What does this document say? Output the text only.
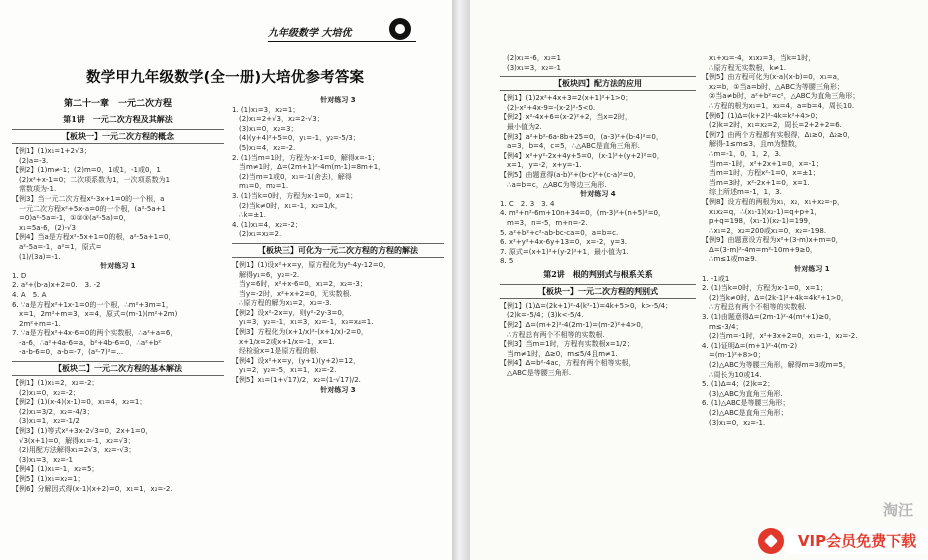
九年级数学 大培优
数学甲九年级数学(全一册)大培优参考答案
第二十一章　一元二次方程
第1讲　一元二次方程及其解法
【板块一】一元二次方程的概念
【例1】(1)x₁=1+2√3；
　(2)a=-3.
【例2】(1)m≠-1；(2)m=0，1或1，-1或0，1
　(2)x²+x-1=0；二次项系数为1，一次项系数为1
　常数项为-1.
【例3】当一元二次方程x²-3x+1=0的一个根，a
　一元二次方程x²+5x-a=0的一个根，(a²-5a+1
　=0)a²-5a=-1，①②③(a²-5a)=0，
　x₁=5a-6，(2)-√3
【例4】当a是方程x²-5x+1=0的根，a²-5a+1=0，
　a²-5a=-1，a²=1，原式=
　(1)/(3a)=-1.
针对练习 1
1. D
2. a²+(b-a)x+2=0.　3. -2
4. A　5. A
6. ∵a是方程x²+1x-1=0的一个根，∴m²+3m=1，
　x=1，2m²+m=3，x=4，原式=(m-1)(m²+2m)
　2m²+m=-1.
7. ∵a是方程x²+4x-6=0的两个实数根，∴a²+a=6，
　-a-6，∴a²+4a-6=a，b²+4b-6=0，∴a²+b²
　-a-b-6=0，a-b=-7，(a²-7)²=...
【板块二】一元二次方程的基本解法
【例1】(1)x₁=2，x₂=-2；
　(2)x₁=0，x₂=-2；
【例2】(1)(x-4)(x-1)=0，x₁=4，x₂=1；
　(2)x₁=3/2，x₂=-4/3；
　(3)x₁=1，x₂=-1/2
【例3】(1)等式x²+3x-2√3=0，2x+1=0，
　√3(x+1)=0，解得x₁=-1，x₂=√3；
　(2)用配方法解得x₁=2√3，x₂=-√3；
　(3)x₁=3，x₂=-1
【例4】(1)x₁=-1，x₂=5；
【例5】(1)x₁=x₂=1；
【例6】分解因式得(x-1)(x+2)=0，x₁=1，x₂=-2.
针对练习 3
1. (1)x₁=3，x₂=1；
　(2)x₁=2+√3，x₂=2-√3；
　(3)x₁=0，x₂=3；
　(4)(y+4)²+5=0，y₁=-1，y₂=-5/3；
　(5)x₁=4，x₂=-2.
2. (1)当m=1时，方程为-x-1=0，解得x=-1；
　当m≠1时，Δ=(2m+1)²-4m(m-1)=8m+1，
　(2)当m=1或0，x₁=-1(舍去)，解得
　m₁=0，m₂=1.
3. (1)当k=0时，方程为x-1=0，x=1；
　(2)当k≠0时，x₁=-1，x₂=1/k，
　∴k=±1.
4. (1)x₁=4，x₂=-2；
　(2)x₁=x₂=2.
【板块三】可化为一元二次方程的方程的解法
【例1】(1)设x²+x=y，原方程化为y²-4y-12=0，
　解得y₁=6，y₂=-2.
　当y=6时，x²+x-6=0，x₁=2，x₂=-3；
　当y=-2时，x²+x+2=0，无实数根.
　∴原方程的解为x₁=2，x₂=-3.
【例2】设x²-2x=y，则y²-2y-3=0，
　y₁=3，y₂=-1，x₁=3，x₂=-1，x₃=x₄=1.
【例3】方程化为(x+1/x)²-(x+1/x)-2=0，
　x+1/x=2或x+1/x=-1，x=1.
　经检验x=1是原方程的根.
【例4】设x²+x=y，(y+1)(y+2)=12，
　y₁=2，y₂=-5，x₁=1，x₂=-2.
【例5】x₁=(1+√17)/2，x₂=(1-√17)/2.
针对练习 3
　(2)x₁=-6，x₂=1
　(3)x₁=3，x₂=-1
【板块四】配方法的应用
【例1】(1)2x²+4x+3=2(x+1)²+1>0；
　(2)-x²+4x-9=-(x-2)²-5<0.
【例2】x²-4x+6=(x-2)²+2，当x=2时，
　最小值为2.
【例3】a²+b²-6a-8b+25=0，(a-3)²+(b-4)²=0，
　a=3，b=4，c=5，∴△ABC是直角三角形.
【例4】x²+y²-2x+4y+5=0，(x-1)²+(y+2)²=0，
　x=1，y=-2，x+y=-1.
【例5】由题意得(a-b)²+(b-c)²+(c-a)²=0，
　∴a=b=c，△ABC为等边三角形.
针对练习 4
1. C　2. 3　3. 4
4. m²+n²-6m+10n+34=0，(m-3)²+(n+5)²=0，
　m=3，n=-5，m+n=-2.
5. a²+b²+c²-ab-bc-ca=0，a=b=c.
6. x²+y²+4x-6y+13=0，x=-2，y=3.
7. 原式=(x+1)²+(y-2)²+1，最小值为1.
8. 5
第2讲　根的判别式与根系关系
【板块一】一元二次方程的判别式
【例1】(1)Δ=(2k+1)²-4(k²-1)=4k+5>0，k>-5/4；
　(2)k=-5/4；(3)k<-5/4.
【例2】Δ=(m+2)²-4(2m-1)=(m-2)²+4>0，
　∴方程总有两个不相等的实数根.
【例3】当m=1时，方程有实数根x=1/2；
　当m≠1时，Δ≥0，m≤5/4且m≠1.
【例4】Δ=b²-4ac，方程有两个相等实根，
　△ABC是等腰三角形.
　x₁+x₂=-4，x₁x₂=3，当k=1时，
　∴原方程无实数根，k≠1.
【例5】由方程可化为(x-a)(x-b)=0，x₁=a，
　x₂=b，①当a=b时，△ABC为等腰三角形；
　②当a≠b时，a²+b²=c²，△ABC为直角三角形；
　∴方程的根为x₁=1，x₂=4，a=b=4，周长10.
【例6】(1)Δ=(k+2)²-4k=k²+4>0；
　(2)k=2时，x₁=x₂=2，周长=2+2+2=6.
【例7】由两个方程都有实根得，Δ₁≥0，Δ₂≥0，
　解得-1≤m≤3，且m为整数，
　∴m=-1，0，1，2，3.
　当m=-1时，x²+2x+1=0，x=-1；
　当m=1时，方程x²-1=0，x=±1；
　当m=3时，x²-2x+1=0，x=1.
　综上所述m=-1，1，3.
【例8】设方程的两根为x₁，x₂，x₁+x₂=-p，
　x₁x₂=q，∴(x₁-1)(x₂-1)=q+p+1，
　p+q=198，(x₁-1)(x₂-1)=199，
　∴x₁=2，x₂=200或x₁=0，x₂=-198.
【例9】由题意设方程为x²+(3-m)x+m=0，
　Δ=(3-m)²-4m=m²-10m+9≥0，
　∴m≤1或m≥9.
针对练习 1
1. -1或1
2. (1)当k=0时，方程为x-1=0，x=1；
　(2)当k≠0时，Δ=(2k-1)²+4k=4k²+1>0，
　∴方程总有两个不相等的实数根.
3. (1)由题意得Δ=(2m-1)²-4(m²+1)≥0，
　m≤-3/4；
　(2)当m=-1时，x²+3x+2=0，x₁=-1，x₂=-2.
4. (1)证明Δ=(m+1)²-4(m-2)
　=(m-1)²+8>0；
　(2)△ABC为等腰三角形，解得m=3或m=5，
　∴周长为10或14.
5. (1)Δ=4；(2)k=2；
　(3)△ABC为直角三角形.
6. (1)△ABC是等腰三角形；
　(2)△ABC是直角三角形；
　(3)x₁=0，x₂=-1.
淘汪
VIP会员免费下载
